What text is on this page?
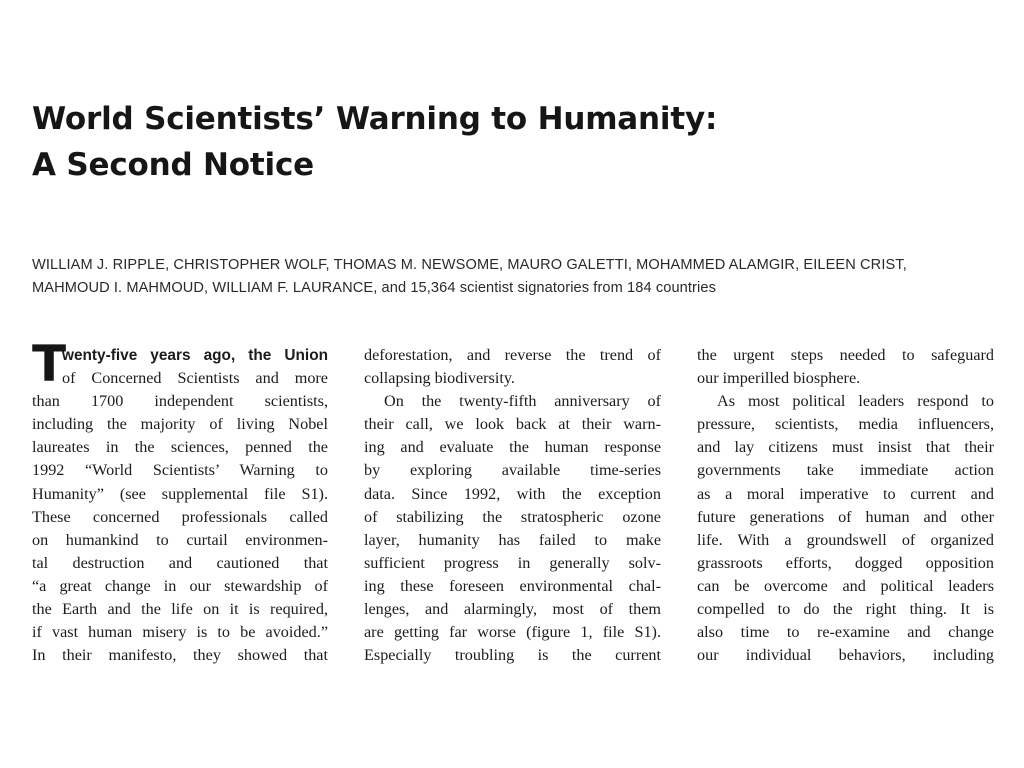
World Scientists’ Warning to Humanity:
A Second Notice
WILLIAM J. RIPPLE, CHRISTOPHER WOLF, THOMAS M. NEWSOME, MAURO GALETTI, MOHAMMED ALAMGIR, EILEEN CRIST,
MAHMOUD I. MAHMOUD, WILLIAM F. LAURANCE, and 15,364 scientist signatories from 184 countries
T
wenty-five years ago, the Union
of Concerned Scientists and more
than 1700 independent scientists,
including the majority of living Nobel
laureates in the sciences, penned the
1992 “World Scientists’ Warning to
Humanity” (see supplemental file S1).
These concerned professionals called
on humankind to curtail environmen-
tal destruction and cautioned that
“a great change in our stewardship of
the Earth and the life on it is required,
if vast human misery is to be avoided.”
In their manifesto, they showed that
deforestation, and reverse the trend of
collapsing biodiversity.
On the twenty-fifth anniversary of
their call, we look back at their warn-
ing and evaluate the human response
by exploring available time-series
data. Since 1992, with the exception
of stabilizing the stratospheric ozone
layer, humanity has failed to make
sufficient progress in generally solv-
ing these foreseen environmental chal-
lenges, and alarmingly, most of them
are getting far worse (figure 1, file S1).
Especially troubling is the current
the urgent steps needed to safeguard
our imperilled biosphere.
As most political leaders respond to
pressure, scientists, media influencers,
and lay citizens must insist that their
governments take immediate action
as a moral imperative to current and
future generations of human and other
life. With a groundswell of organized
grassroots efforts, dogged opposition
can be overcome and political leaders
compelled to do the right thing. It is
also time to re-examine and change
our individual behaviors, including
